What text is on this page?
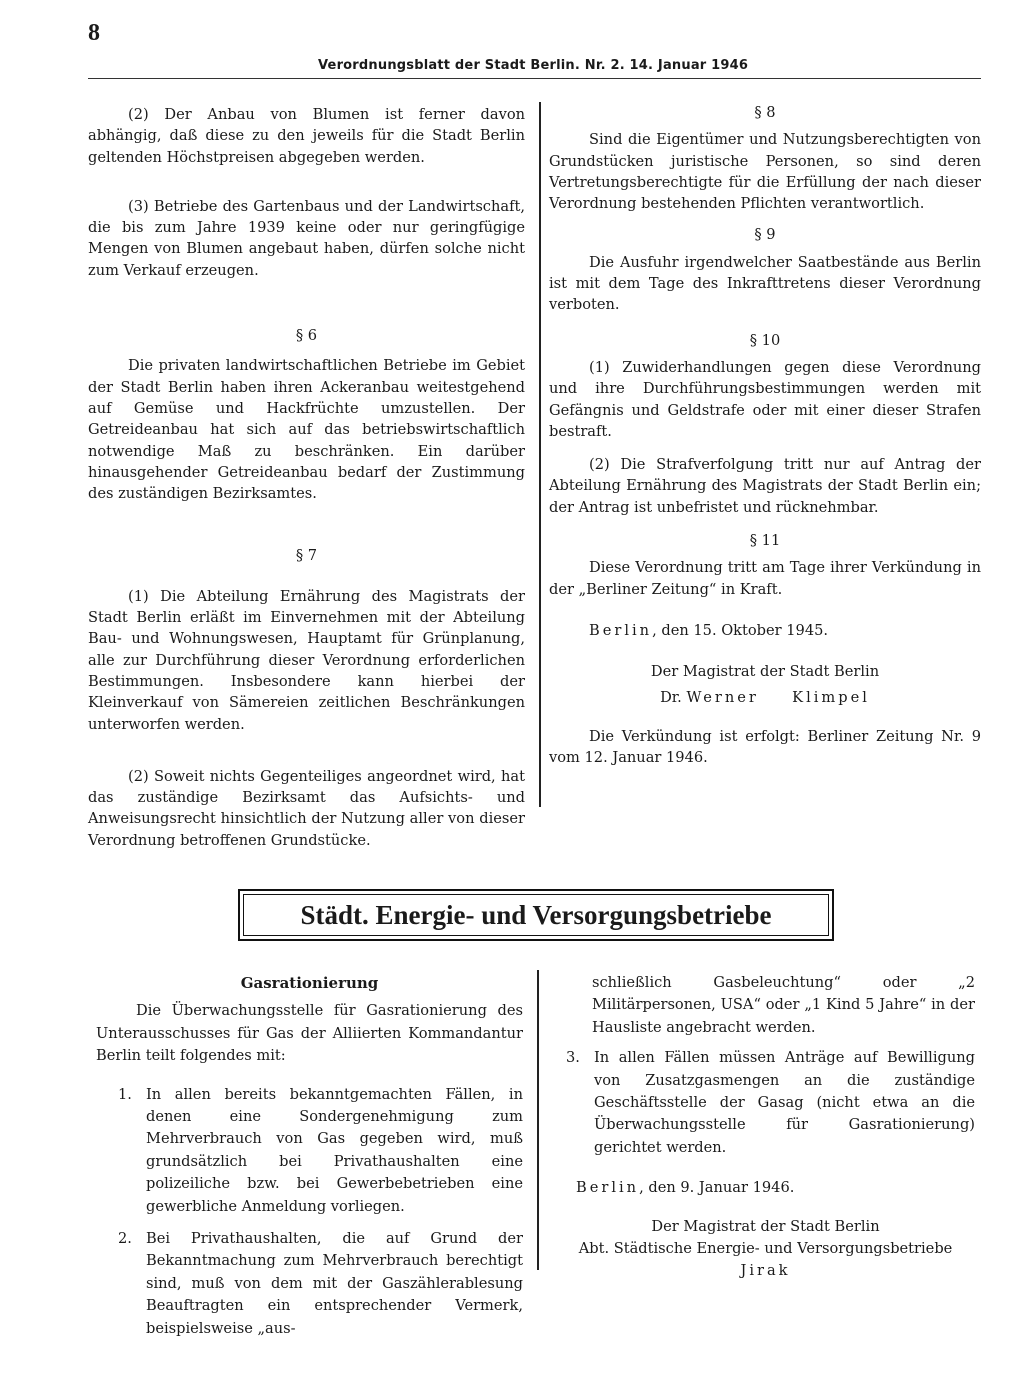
8
Verordnungsblatt der Stadt Berlin. Nr. 2. 14. Januar 1946

(2) Der Anbau von Blumen ist ferner davon abhängig, daß diese zu den jeweils für die Stadt Berlin geltenden Höchstpreisen abgegeben werden.

(3) Betriebe des Gartenbaus und der Landwirtschaft, die bis zum Jahre 1939 keine oder nur geringfügige Mengen von Blumen angebaut haben, dürfen solche nicht zum Verkauf erzeugen.

§ 6

Die privaten landwirtschaftlichen Betriebe im Gebiet der Stadt Berlin haben ihren Ackeranbau weitestgehend auf Gemüse und Hackfrüchte umzustellen. Der Getreideanbau hat sich auf das betriebswirtschaftlich notwendige Maß zu beschränken. Ein darüber hinausgehender Getreideanbau bedarf der Zustimmung des zuständigen Bezirksamtes.

§ 7

(1) Die Abteilung Ernährung des Magistrats der Stadt Berlin erläßt im Einvernehmen mit der Abteilung Bau- und Wohnungswesen, Hauptamt für Grünplanung, alle zur Durchführung dieser Verordnung erforderlichen Bestimmungen. Insbesondere kann hierbei der Kleinverkauf von Sämereien zeitlichen Beschränkungen unterworfen werden.

(2) Soweit nichts Gegenteiliges angeordnet wird, hat das zuständige Bezirksamt das Aufsichts- und Anweisungsrecht hinsichtlich der Nutzung aller von dieser Verordnung betroffenen Grundstücke.

§ 8

Sind die Eigentümer und Nutzungsberechtigten von Grundstücken juristische Personen, so sind deren Vertretungsberechtigte für die Erfüllung der nach dieser Verordnung bestehenden Pflichten verantwortlich.

§ 9

Die Ausfuhr irgendwelcher Saatbestände aus Berlin ist mit dem Tage des Inkrafttretens dieser Verordnung verboten.

§ 10

(1) Zuwiderhandlungen gegen diese Verordnung und ihre Durchführungsbestimmungen werden mit Gefängnis und Geldstrafe oder mit einer dieser Strafen bestraft.

(2) Die Strafverfolgung tritt nur auf Antrag der Abteilung Ernährung des Magistrats der Stadt Berlin ein; der Antrag ist unbefristet und rücknehmbar.

§ 11

Diese Verordnung tritt am Tage ihrer Verkündung in der „Berliner Zeitung“ in Kraft.

Berlin, den 15. Oktober 1945.

Der Magistrat der Stadt Berlin

Dr. Werner Klimpel

Die Verkündung ist erfolgt: Berliner Zeitung Nr. 9 vom 12. Januar 1946.

Städt. Energie- und Versorgungsbetriebe

Gasrationierung

Die Überwachungsstelle für Gasrationierung des Unterausschusses für Gas der Alliierten Kommandantur Berlin teilt folgendes mit:

1. In allen bereits bekanntgemachten Fällen, in denen eine Sondergenehmigung zum Mehrverbrauch von Gas gegeben wird, muß grundsätzlich bei Privathaushalten eine polizeiliche bzw. bei Gewerbebetrieben eine gewerbliche Anmeldung vorliegen.
2. Bei Privathaushalten, die auf Grund der Bekanntmachung zum Mehrverbrauch berechtigt sind, muß von dem mit der Gaszählerablesung Beauftragten ein entsprechender Vermerk, beispielsweise „aus-

schließlich Gasbeleuchtung“ oder „2 Militärpersonen, USA“ oder „1 Kind 5 Jahre“ in der Hausliste angebracht werden.

3. In allen Fällen müssen Anträge auf Bewilligung von Zusatzgasmengen an die zuständige Geschäftsstelle der Gasag (nicht etwa an die Überwachungsstelle für Gasrationierung) gerichtet werden.

Berlin, den 9. Januar 1946.

Der Magistrat der Stadt Berlin

Abt. Städtische Energie- und Versorgungsbetriebe

Jirak
